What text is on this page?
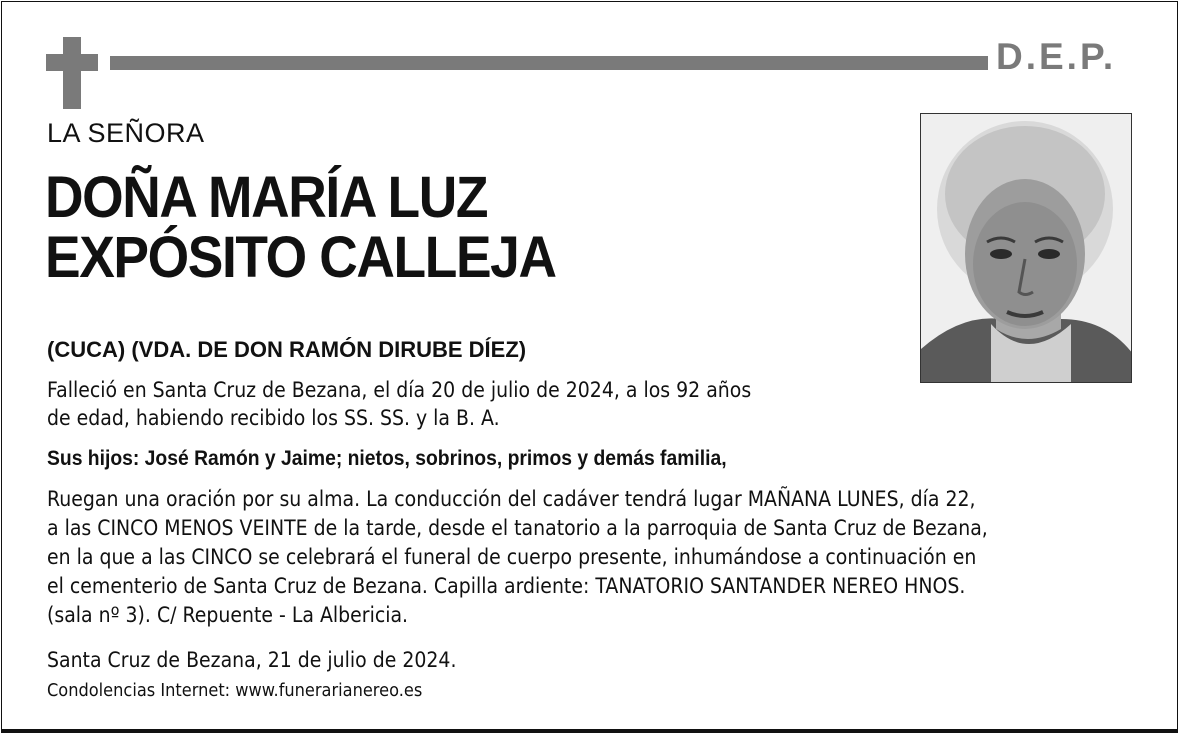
D.E.P.
LA SEÑORA
DOÑA MARÍA LUZ
EXPÓSITO CALLEJA
(CUCA) (VDA. DE DON RAMÓN DIRUBE DÍEZ)
Falleció en Santa Cruz de Bezana, el día 20 de julio de 2024, a los 92 años
de edad, habiendo recibido los SS. SS. y la B. A.
Sus hijos: José Ramón y Jaime; nietos, sobrinos, primos y demás familia,
Ruegan una oración por su alma. La conducción del cadáver tendrá lugar MAÑANA LUNES, día 22,
a las CINCO MENOS VEINTE de la tarde, desde el tanatorio a la parroquia de Santa Cruz de Bezana,
en la que a las CINCO se celebrará el funeral de cuerpo presente, inhumándose a continuación en
el cementerio de Santa Cruz de Bezana. Capilla ardiente: TANATORIO SANTANDER NEREO HNOS.
(sala nº 3). C/ Repuente - La Albericia.
Santa Cruz de Bezana, 21 de julio de 2024.
Condolencias Internet: www.funerarianereo.es
